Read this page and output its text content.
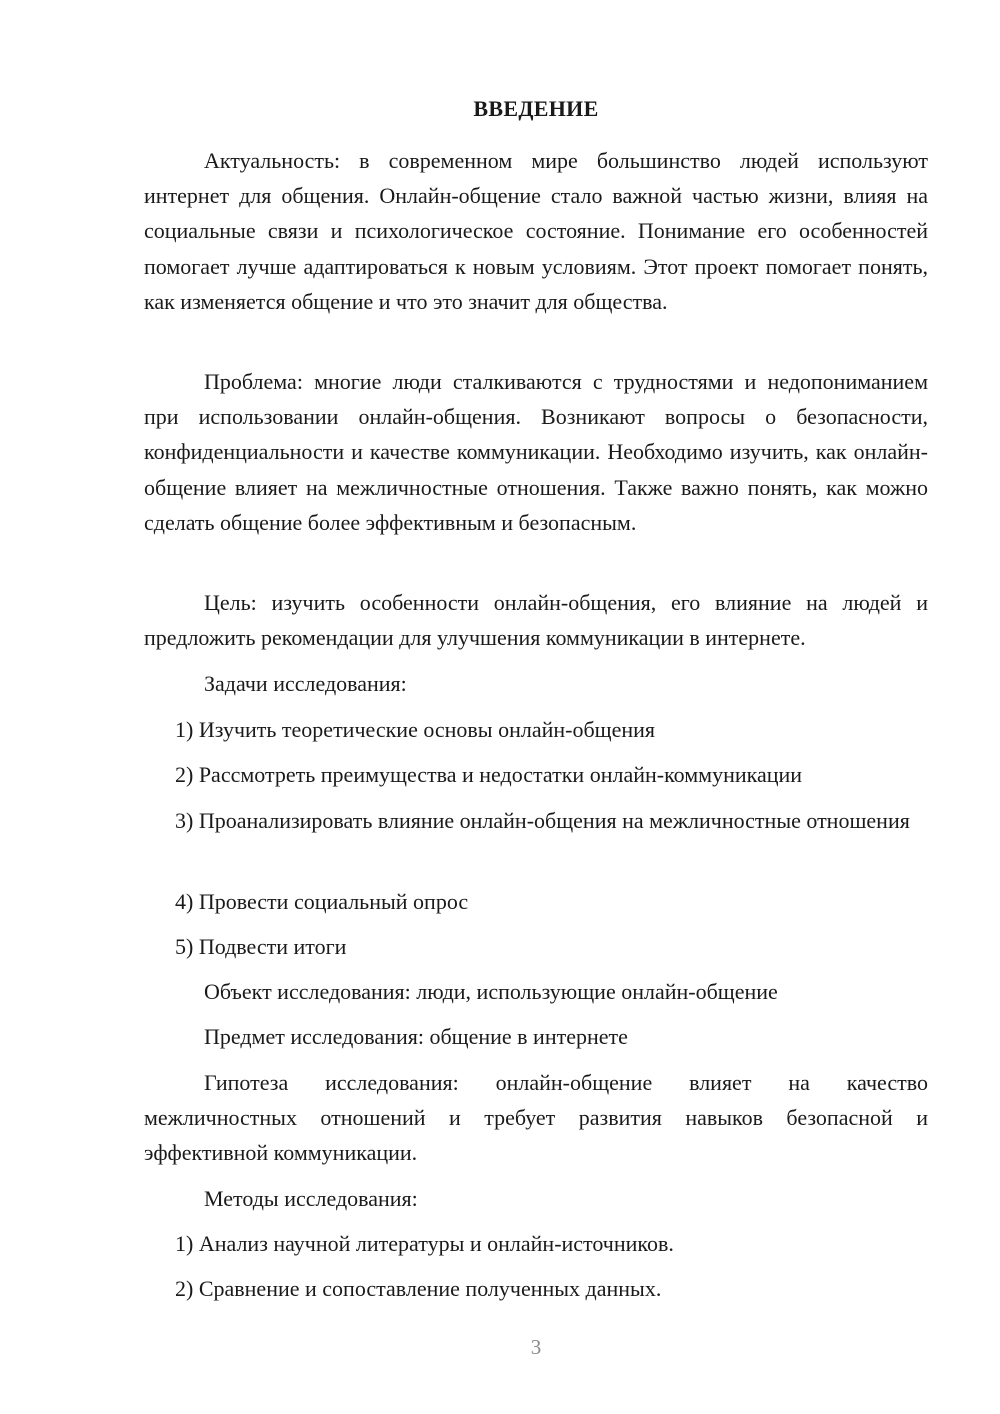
ВВЕДЕНИЕ

Актуальность: в современном мире большинство людей используют интернет для общения. Онлайн-общение стало важной частью жизни, влияя на социальные связи и психологическое состояние. Понимание его особенностей помогает лучше адаптироваться к новым условиям. Этот проект помогает понять, как изменяется общение и что это значит для общества.

Проблема: многие люди сталкиваются с трудностями и недопониманием при использовании онлайн-общения. Возникают вопросы о безопасности, конфиденциальности и качестве коммуникации. Необходимо изучить, как онлайн-общение влияет на межличностные отношения. Также важно понять, как можно сделать общение более эффективным и безопасным.

Цель: изучить особенности онлайн-общения, его влияние на людей и предложить рекомендации для улучшения коммуникации в интернете.

Задачи исследования:

1) Изучить теоретические основы онлайн-общения

2) Рассмотреть преимущества и недостатки онлайн-коммуникации

3) Проанализировать влияние онлайн-общения на межличностные отношения

4) Провести социальный опрос

5) Подвести итоги

Объект исследования: люди, использующие онлайн-общение

Предмет исследования: общение в интернете

Гипотеза исследования: онлайн-общение влияет на качество межличностных отношений и требует развития навыков безопасной и эффективной коммуникации.

Методы исследования:

1) Анализ научной литературы и онлайн-источников.

2) Сравнение и сопоставление полученных данных.

3
